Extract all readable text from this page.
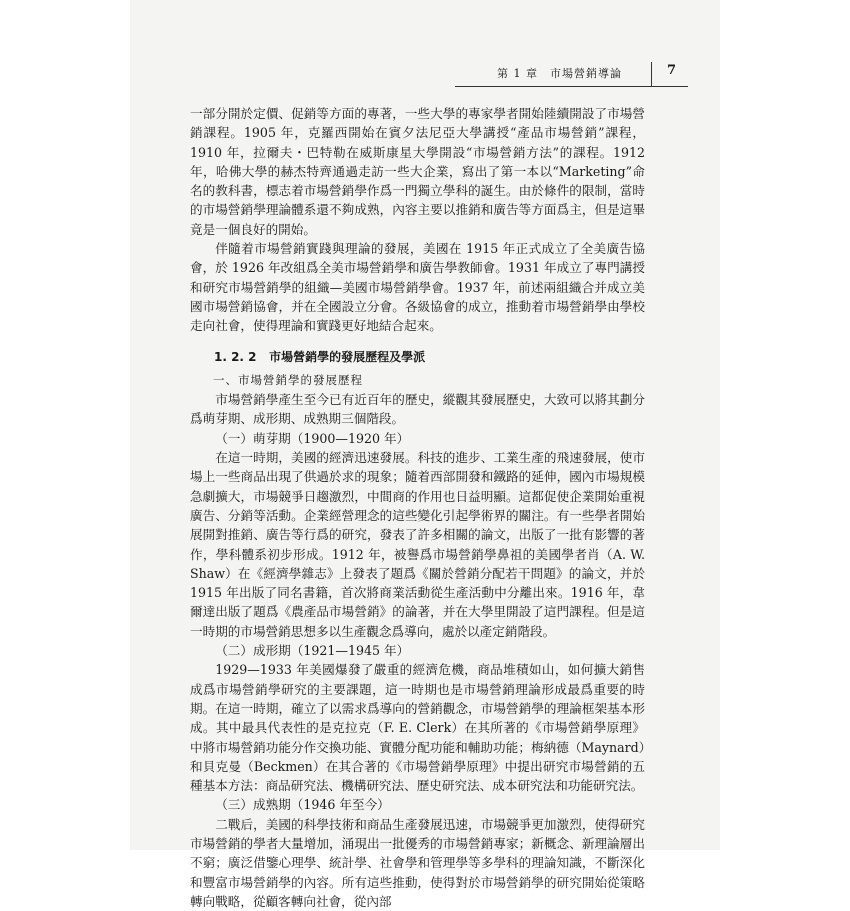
第 1 章　市場營銷導論	7

一部分開於定價、促銷等方面的專著，一些大學的專家學者開始陸續開設了市場營銷課程。1905 年，克羅西開始在賓夕法尼亞大學講授“產品市場營銷”課程，1910 年，拉爾夫・巴特勒在威斯康星大學開設“市場營銷方法”的課程。1912 年，哈佛大學的赫杰特齊通過走訪一些大企業，寫出了第一本以“Marketing”命名的教科書，標志着市場營銷學作爲一門獨立學科的誕生。由於條件的限制，當時的市場營銷學理論體系還不夠成熟，內容主要以推銷和廣告等方面爲主，但是這畢竟是一個良好的開始。

伴隨着市場營銷實踐與理論的發展，美國在 1915 年正式成立了全美廣告協會，於 1926 年改組爲全美市場營銷學和廣告學教師會。1931 年成立了專門講授和研究市場營銷學的組織—美國市場營銷學會。1937 年，前述兩組織合并成立美國市場營銷協會，并在全國設立分會。各級協會的成立，推動着市場營銷學由學校走向社會，使得理論和實踐更好地結合起來。

1. 2. 2 市場營銷學的發展歷程及學派

一、市場營銷學的發展歷程

市場營銷學產生至今已有近百年的歷史，縱觀其發展歷史，大致可以將其劃分爲萌芽期、成形期、成熟期三個階段。

（一）萌芽期（1900—1920 年）

在這一時期，美國的經濟迅速發展。科技的進步、工業生產的飛速發展，使市場上一些商品出現了供過於求的現象；隨着西部開發和鐵路的延伸，國內市場規模急劇擴大，市場競爭日趨激烈，中間商的作用也日益明顯。這都促使企業開始重視廣告、分銷等活動。企業經營理念的這些變化引起學術界的關注。有一些學者開始展開對推銷、廣告等行爲的研究，發表了許多相關的論文，出版了一批有影響的著作，學科體系初步形成。1912 年，被譽爲市場營銷學鼻祖的美國學者肖（A. W. Shaw）在《經濟學雜志》上發表了題爲《關於營銷分配若干問題》的論文，并於 1915 年出版了同名書籍，首次將商業活動從生產活動中分離出來。1916 年，韋爾達出版了題爲《農產品市場營銷》的論著，并在大學里開設了這門課程。但是這一時期的市場營銷思想多以生產觀念爲導向，處於以產定銷階段。

（二）成形期（1921—1945 年）

1929—1933 年美國爆發了嚴重的經濟危機，商品堆積如山，如何擴大銷售成爲市場營銷學研究的主要課題，這一時期也是市場營銷理論形成最爲重要的時期。在這一時期，確立了以需求爲導向的營銷觀念，市場營銷學的理論框架基本形成。其中最具代表性的是克拉克（F. E. Clerk）在其所著的《市場營銷學原理》中將市場營銷功能分作交換功能、實體分配功能和輔助功能；梅納德（Maynard）和貝克曼（Beckmen）在其合著的《市場營銷學原理》中提出研究市場營銷的五種基本方法：商品研究法、機構研究法、歷史研究法、成本研究法和功能研究法。

（三）成熟期（1946 年至今）

二戰后，美國的科學技術和商品生產發展迅速，市場競爭更加激烈，使得研究市場營銷的學者大量增加，涌現出一批優秀的市場營銷專家；新概念、新理論層出不窮；廣泛借鑒心理學、統計學、社會學和管理學等多學科的理論知識，不斷深化和豐富市場營銷學的內容。所有這些推動，使得對於市場營銷學的研究開始從策略轉向戰略，從顧客轉向社會，從內部
